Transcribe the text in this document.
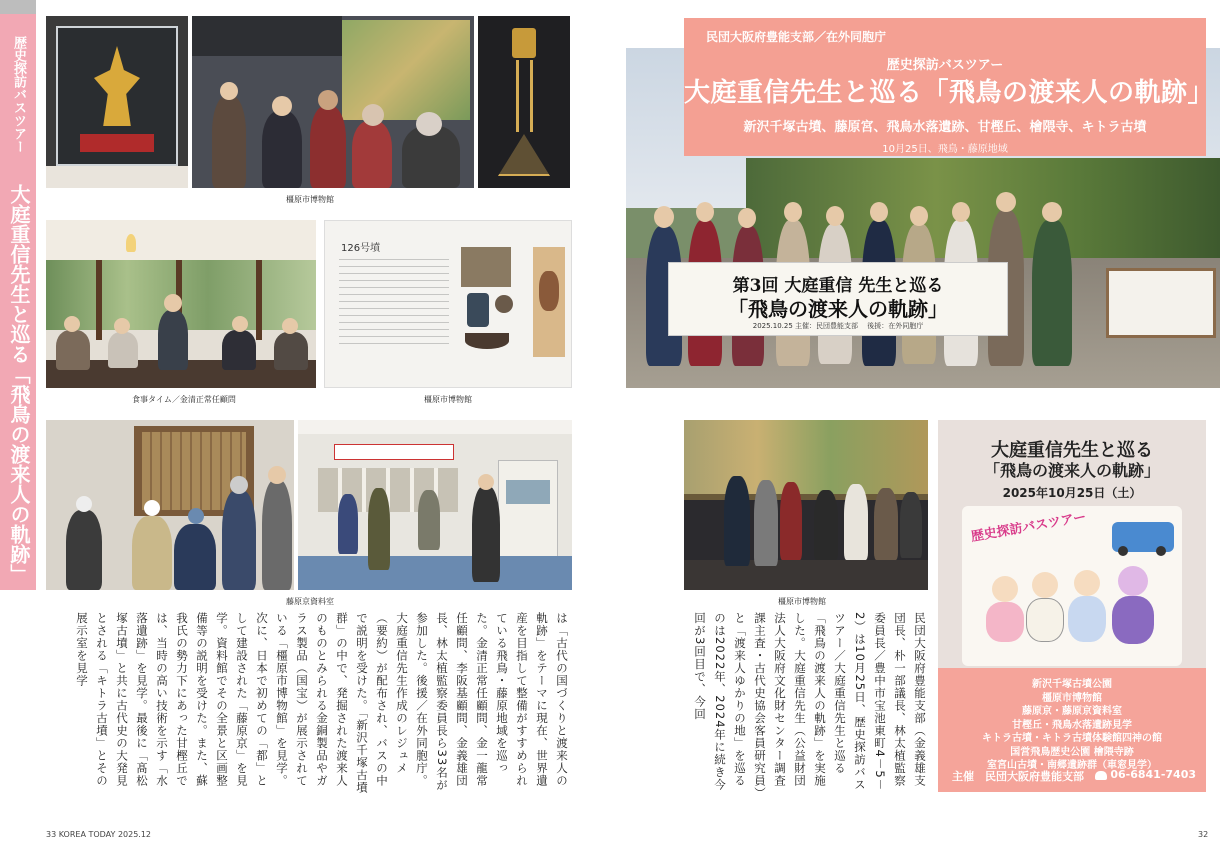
歴史探訪バスツアー
大庭重信先生と巡る「飛鳥の渡来人の軌跡」	橿原市博物館
食事タイム／金清正常任顧問
126号墳
橿原市博物館
藤原京資料室
は「古代の国づくりと渡来人の軌跡」をテーマに現在、世界遺産を目指して整備がすすめられている飛鳥・藤原地域を巡った。金清正常任顧問、金一龍常任顧問、李阪基顧問、金義雄団長、林太植監察委員長ら33名が参加した。後援／在外同胞庁。　大庭重信先生作成のレジュメ（要約）が配布され、バスの中で説明を受けた。「新沢千塚古墳群」の中で、発掘された渡来人のものとみられる金銅製品やガラス製品（国宝）が展示されている「橿原市博物館」を見学。次に、日本で初めての「都」として建設された「藤原京」を見学。資料館でその全景と区画整備等の説明を受けた。また、蘇我氏の勢力下にあった甘樫丘では、当時の高い技術を示す「水落遺跡」を見学。最後に「髙松塚古墳」と共に古代史の大発見とされる「キトラ古墳」とその展示室を見学
33 KOREA TODAY 2025.12	32
第3回 大庭重信 先生と巡る
「飛鳥の渡来人の軌跡」
2025.10.25 主催：民団豊能支部 　後援：在外同胞庁
民団大阪府豊能支部／在外同胞庁
歴史探訪バスツアー
大庭重信先生と巡る「飛鳥の渡来人の軌跡」
新沢千塚古墳、藤原宮、飛鳥水落遺跡、甘樫丘、檜隈寺、キトラ古墳
10月25日、飛鳥・藤原地域
橿原市博物館
民団大阪府豊能支部（金義雄支団長、朴一部議長、林太植監察委員長／豊中市宝池東町4－5－2）は10月25日、歴史探訪バスツアー／大庭重信先生と巡る「飛鳥の渡来人の軌跡」を実施した。大庭重信先生（公益財団法人大阪府文化財センター調査課主査・古代史協会客員研究員）と「渡来人ゆかりの地」を巡るのは2022年、2024年に続き今回が3回目で、今回
大庭重信先生と巡る
「飛鳥の渡来人の軌跡」
2025年10月25日（土）
歴史探訪バスツアー
新沢千塚古墳公園
橿原市博物館
藤原京・藤原京資料室
甘樫丘・飛鳥水落遺跡見学
キトラ古墳・キトラ古墳体験館四神の館
国営飛鳥歴史公園 檜隈寺跡
室宮山古墳・南郷遺跡群（車窓見学）
主催　民団大阪府豊能支部	06-6841-7403
